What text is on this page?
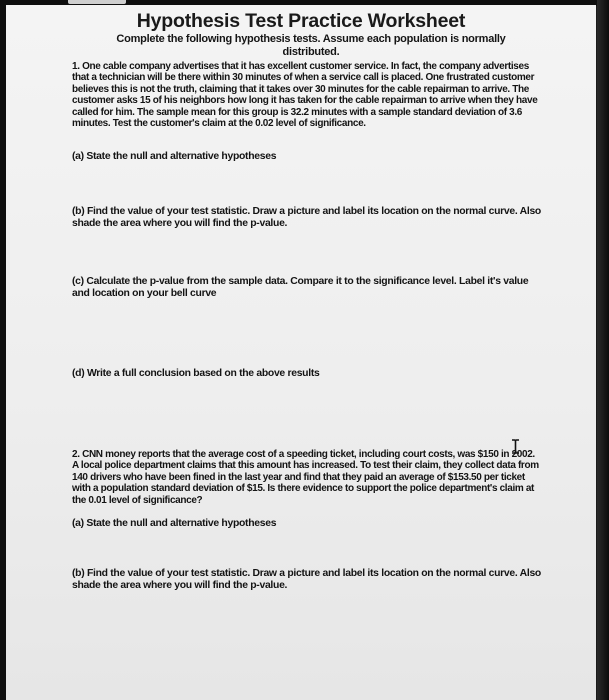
Hypothesis Test Practice Worksheet
Complete the following hypothesis tests. Assume each population is normally distributed.
1. One cable company advertises that it has excellent customer service. In fact, the company advertises that a technician will be there within 30 minutes of when a service call is placed. One frustrated customer believes this is not the truth, claiming that it takes over 30 minutes for the cable repairman to arrive. The customer asks 15 of his neighbors how long it has taken for the cable repairman to arrive when they have called for him. The sample mean for this group is 32.2 minutes with a sample standard deviation of 3.6 minutes. Test the customer's claim at the 0.02 level of significance.
(a) State the null and alternative hypotheses
(b) Find the value of your test statistic. Draw a picture and label its location on the normal curve. Also shade the area where you will find the p-value.
(c) Calculate the p-value from the sample data. Compare it to the significance level. Label it's value and location on your bell curve
(d) Write a full conclusion based on the above results
2. CNN money reports that the average cost of a speeding ticket, including court costs, was $150 in 2002. A local police department claims that this amount has increased. To test their claim, they collect data from 140 drivers who have been fined in the last year and find that they paid an average of $153.50 per ticket with a population standard deviation of $15. Is there evidence to support the police department's claim at the 0.01 level of significance?
(a) State the null and alternative hypotheses
(b) Find the value of your test statistic. Draw a picture and label its location on the normal curve. Also shade the area where you will find the p-value.
